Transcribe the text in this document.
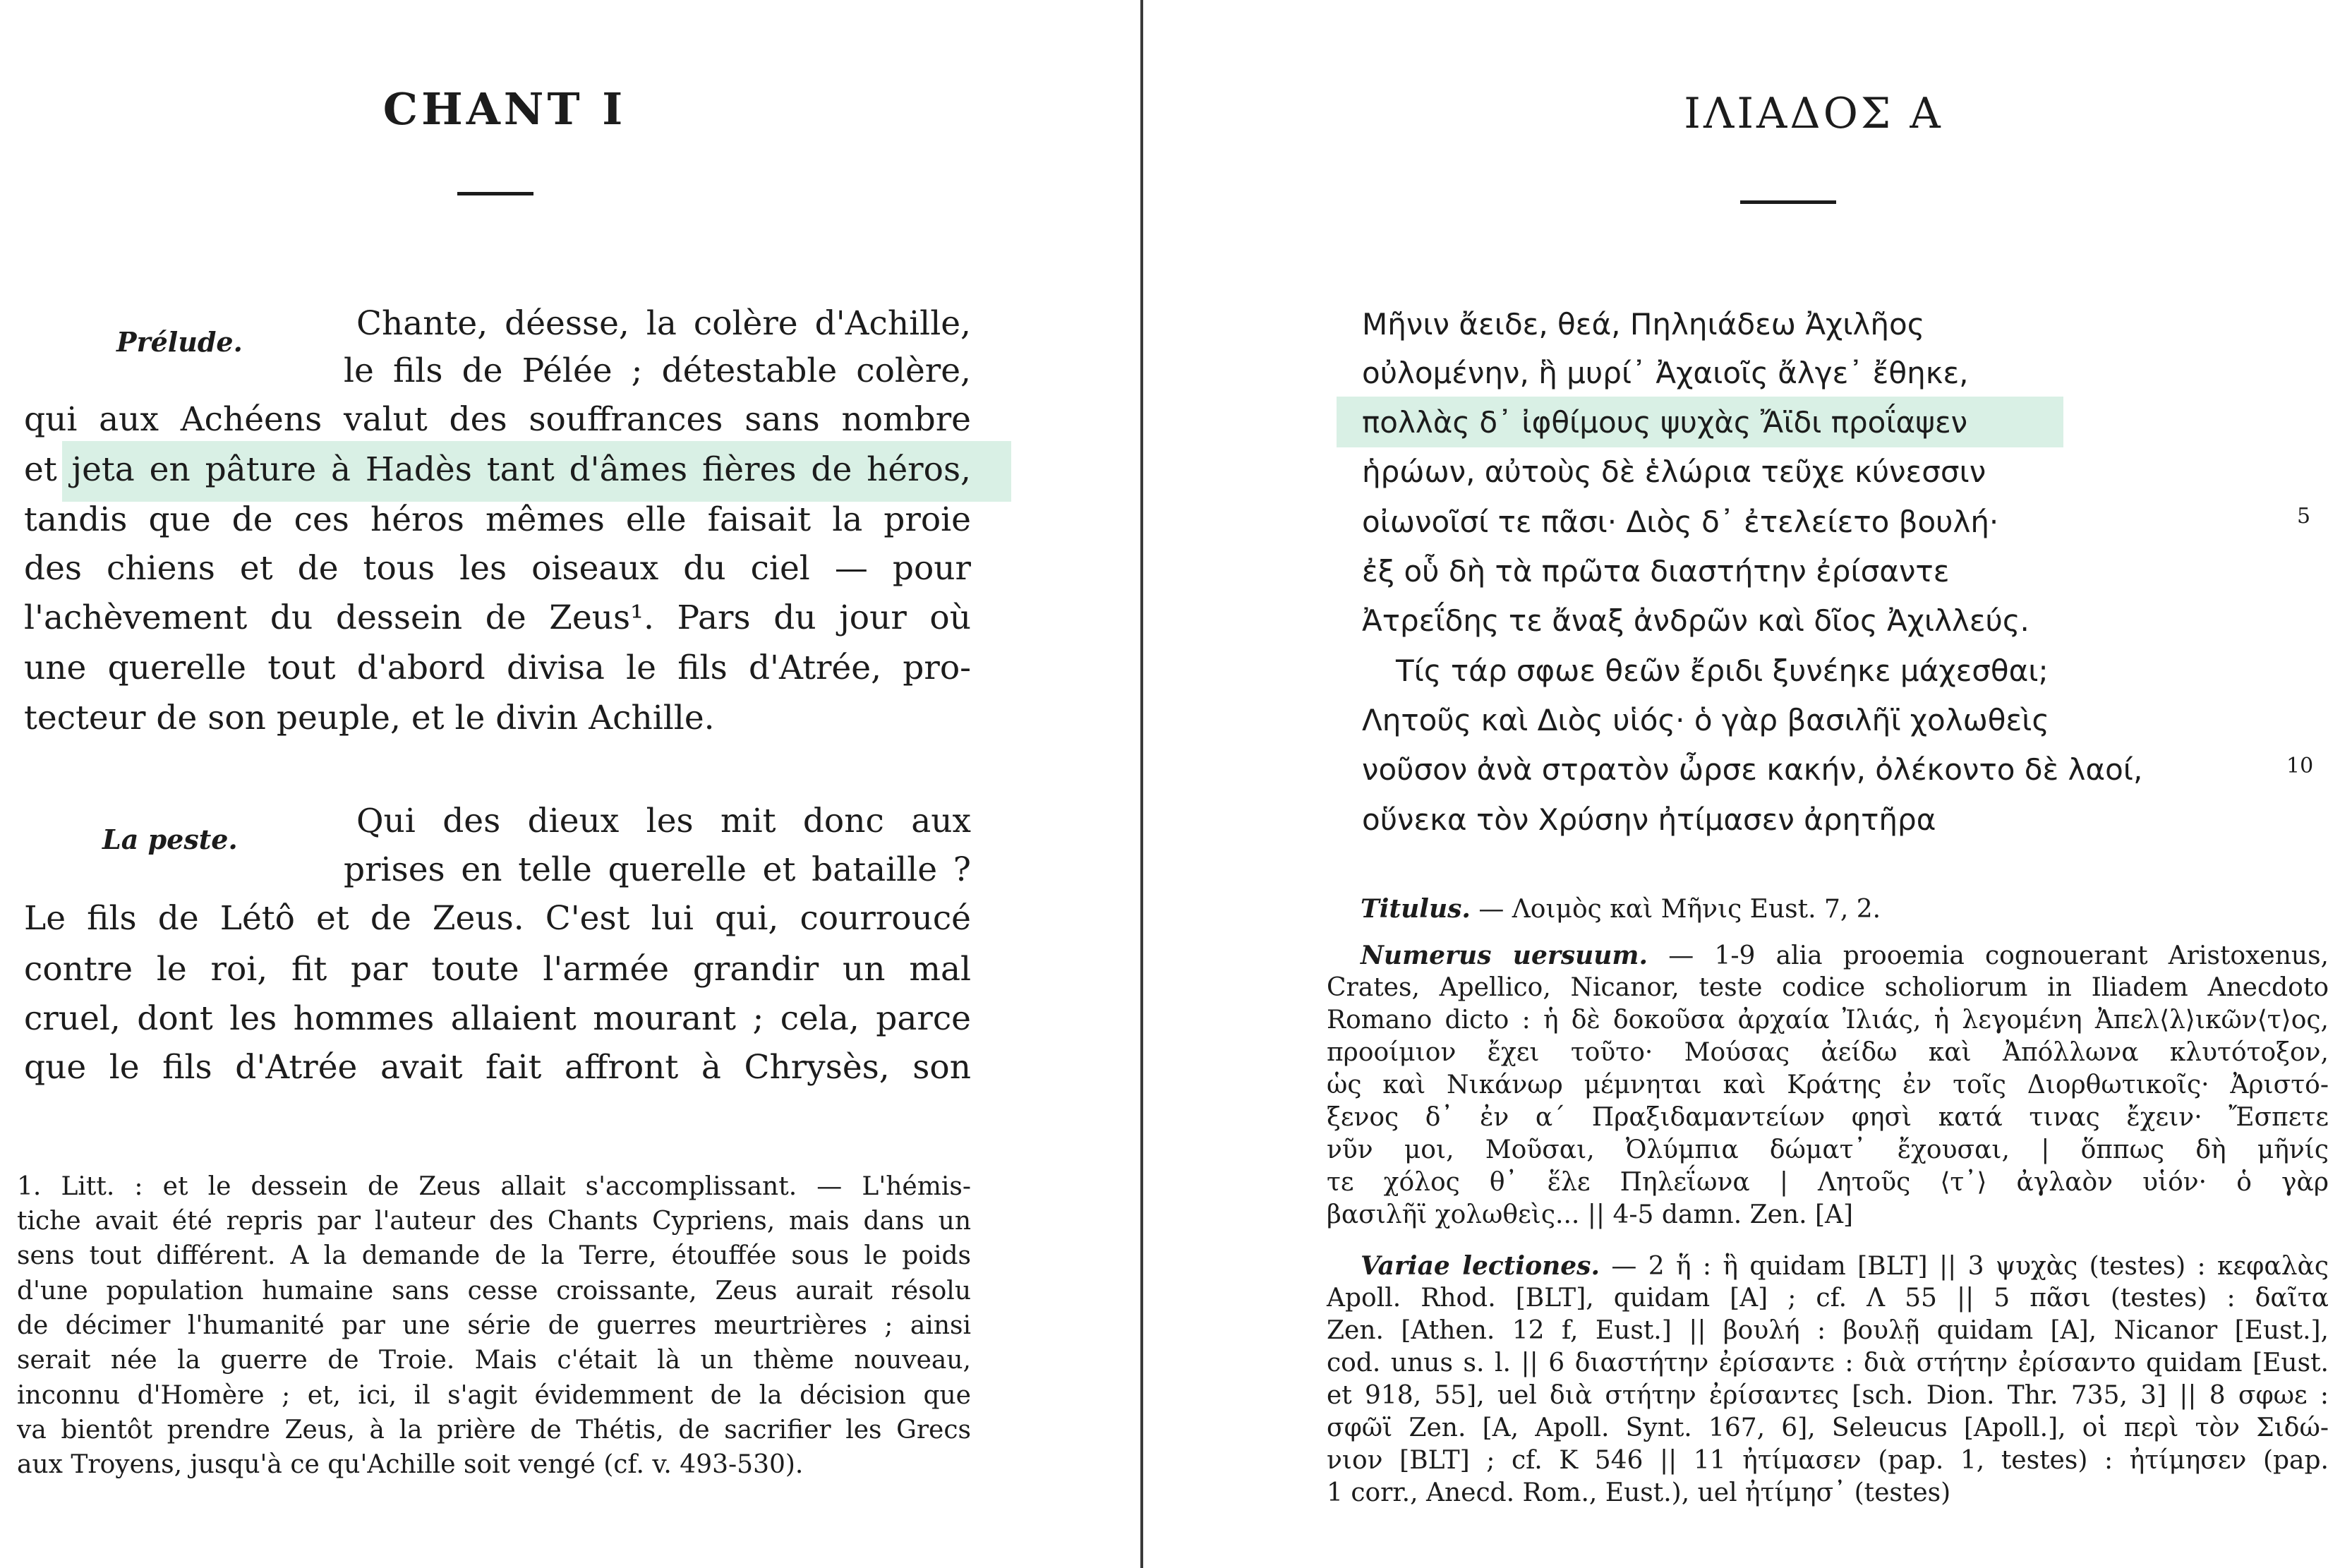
CHANT I
Prélude.	Chante, déesse, la colère d'Achille,
le fils de Pélée ; détestable colère,
qui aux Achéens valut des souffrances sans nombre
et jeta en pâture à Hadès tant d'âmes fières de héros,
tandis que de ces héros mêmes elle faisait la proie
des chiens et de tous les oiseaux du ciel — pour
l'achèvement du dessein de Zeus¹. Pars du jour où
une querelle tout d'abord divisa le fils d'Atrée, pro-
tecteur de son peuple, et le divin Achille.
La peste.	Qui des dieux les mit donc aux
prises en telle querelle et bataille ?
Le fils de Létô et de Zeus. C'est lui qui, courroucé
contre le roi, fit par toute l'armée grandir un mal
cruel, dont les hommes allaient mourant ; cela, parce
que le fils d'Atrée avait fait affront à Chrysès, son
1. Litt. : et le dessein de Zeus allait s'accomplissant. — L'hémis-
tiche avait été repris par l'auteur des Chants Cypriens, mais dans un
sens tout différent. A la demande de la Terre, étouffée sous le poids
d'une population humaine sans cesse croissante, Zeus aurait résolu
de décimer l'humanité par une série de guerres meurtrières ; ainsi
serait née la guerre de Troie. Mais c'était là un thème nouveau,
inconnu d'Homère ; et, ici, il s'agit évidemment de la décision que
va bientôt prendre Zeus, à la prière de Thétis, de sacrifier les Grecs
aux Troyens, jusqu'à ce qu'Achille soit vengé (cf. v. 493-530).
ΙΛΙΑΔΟΣ Α
Μῆνιν ἄειδε, θεά, Πηληιάδεω Ἀχιλῆος
οὐλομένην, ἣ μυρί᾿ Ἀχαιοῖς ἄλγε᾿ ἔθηκε,
πολλὰς δ᾿ ἰφθίμους ψυχὰς Ἄϊδι προΐαψεν
ἡρώων, αὐτοὺς δὲ ἑλώρια τεῦχε κύνεσσιν
οἰωνοῖσί τε πᾶσι· Διὸς δ᾿ ἐτελείετο βουλή·
ἐξ οὗ δὴ τὰ πρῶτα διαστήτην ἐρίσαντε
Ἀτρεΐδης τε ἄναξ ἀνδρῶν καὶ δῖος Ἀχιλλεύς.
Τίς τάρ σφωε θεῶν ἔριδι ξυνέηκε μάχεσθαι;
Λητοῦς καὶ Διὸς υἱός· ὁ γὰρ βασιλῆϊ χολωθεὶς
νοῦσον ἀνὰ στρατὸν ὦρσε κακήν, ὀλέκοντο δὲ λαοί,
οὕνεκα τὸν Χρύσην ἠτίμασεν ἀρητῆρα
5
10
Titulus. — Λοιμὸς καὶ Μῆνις Eust. 7, 2.
Numerus uersuum. — 1-9 alia prooemia cognouerant Aristoxenus,
Crates, Apellico, Nicanor, teste codice scholiorum in Iliadem Anecdoto
Romano dicto : ἡ δὲ δοκοῦσα ἀρχαία Ἰλιάς, ἡ λεγομένη Ἀπελ⟨λ⟩ικῶν⟨τ⟩ος,
προοίμιον ἔχει τοῦτο· Μούσας ἀείδω καὶ Ἀπόλλωνα κλυτότοξον,
ὡς καὶ Νικάνωρ μέμνηται καὶ Κράτης ἐν τοῖς Διορθωτικοῖς· Ἀριστό-
ξενος δ᾿ ἐν α´ Πραξιδαμαντείων φησὶ κατά τινας ἔχειν· Ἔσπετε
νῦν μοι, Μοῦσαι, Ὀλύμπια δώματ᾿ ἔχουσαι, | ὅππως δὴ μῆνίς
τε χόλος θ᾿ ἕλε Πηλεΐωνα | Λητοῦς ⟨τ᾿⟩ ἀγλαὸν υἱόν· ὁ γὰρ
βασιλῆϊ χολωθεὶς... || 4-5 damn. Zen. [A]
Variae lectiones. — 2 ἥ : ἣ quidam [BLT] || 3 ψυχὰς (testes) : κεφαλὰς
Apoll. Rhod. [BLT], quidam [A] ; cf. Λ 55 || 5 πᾶσι (testes) : δαῖτα
Zen. [Athen. 12 f, Eust.] || βουλή : βουλῇ quidam [A], Nicanor [Eust.],
cod. unus s. l. || 6 διαστήτην ἐρίσαντε : διὰ στήτην ἐρίσαντο quidam [Eust.
et 918, 55], uel διὰ στήτην ἐρίσαντες [sch. Dion. Thr. 735, 3] || 8 σφωε :
σφῶϊ Zen. [A, Apoll. Synt. 167, 6], Seleucus [Apoll.], οἱ περὶ τὸν Σιδώ-
νιον [BLT] ; cf. Κ 546 || 11 ἠτίμασεν (pap. 1, testes) : ἠτίμησεν (pap.
1 corr., Anecd. Rom., Eust.), uel ἠτίμησ᾿ (testes)
